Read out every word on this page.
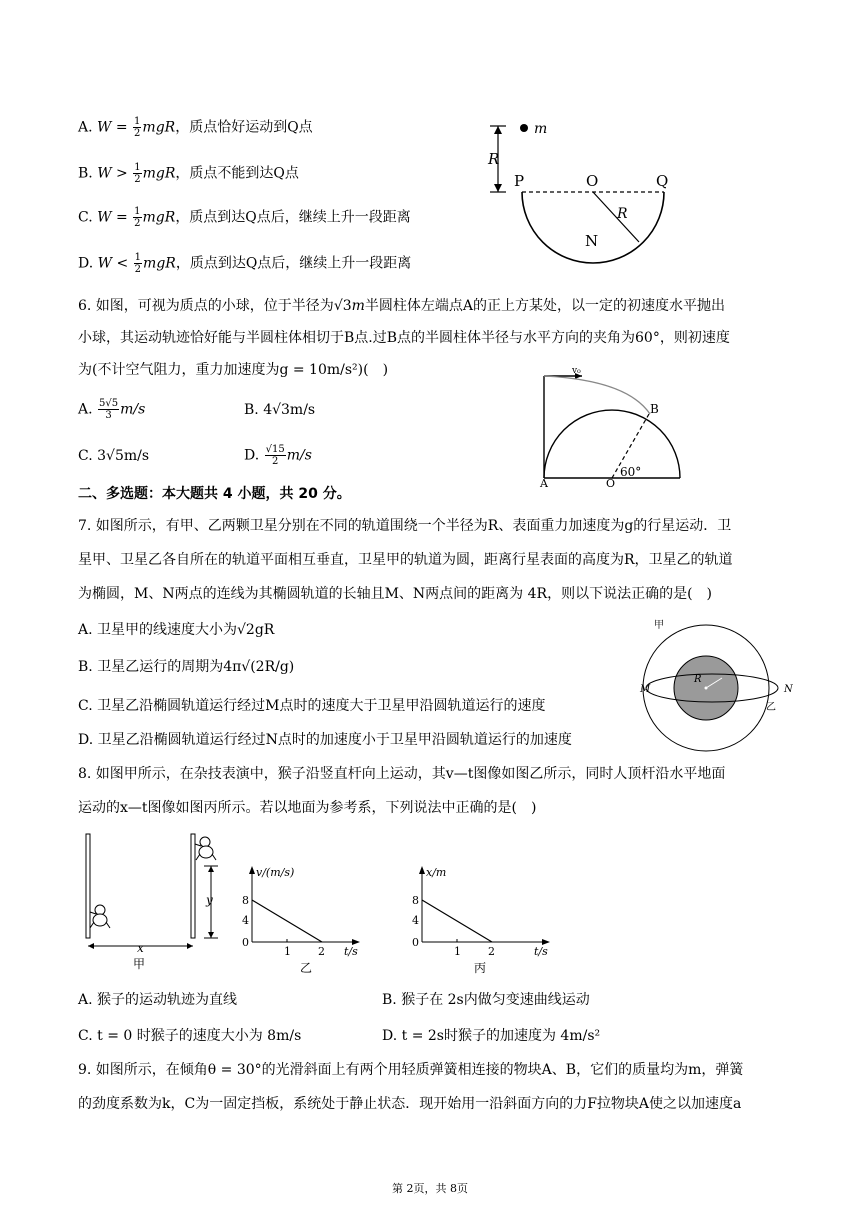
A. $W = \frac{1}{2}$ mgR，质点恰好运动到Q点
B. $W > \frac{1}{2}$ mgR，质点不能到达Q点
C. $W = \frac{1}{2}$ mgR，质点到达Q点后，继续上升一段距离
D. $W < \frac{1}{2}$ mgR，质点到达Q点后，继续上升一段距离
R
m
P	O	Q
R
N
6. 如图，可视为质点的小球，位于半径为√3m半圆柱体左端点A的正上方某处，以一定的初速度水平抛出
小球，其运动轨迹恰好能与半圆柱体相切于B点.过B点的半圆柱体半径与水平方向的夹角为60°，则初速度
为(不计空气阻力，重力加速度为g = 10m/s²)(　)
A. $\frac{5√5}{3} m/s$	B. 4√3m/s
C. 3√5m/s	D. $\frac{√15}{2} m/s$
v₀
B
60°
A	O
二、多选题：本大题共 4 小题，共 20 分。
7. 如图所示，有甲、乙两颗卫星分别在不同的轨道围绕一个半径为R、表面重力加速度为g的行星运动．卫
星甲、卫星乙各自所在的轨道平面相互垂直，卫星甲的轨道为圆，距离行星表面的高度为R，卫星乙的轨道
为椭圆，M、N两点的连线为其椭圆轨道的长轴且M、N两点间的距离为 4R，则以下说法正确的是(　)
A. 卫星甲的线速度大小为√2gR
B. 卫星乙运行的周期为4π√(2R/g)
C. 卫星乙沿椭圆轨道运行经过M点时的速度大于卫星甲沿圆轨道运行的速度
D. 卫星乙沿椭圆轨道运行经过N点时的加速度小于卫星甲沿圆轨道运行的加速度
R
甲
M	N
乙
8. 如图甲所示，在杂技表演中，猴子沿竖直杆向上运动，其v—t图像如图乙所示，同时人顶杆沿水平地面
运动的x—t图像如图丙所示。若以地面为参考系，下列说法中正确的是(　)
y
x
甲
v/(m/s)
8
4
0
1 2 t/s
乙
x/m
8
4
0
1 2	t/s
丙
A. 猴子的运动轨迹为直线	B. 猴子在 2s内做匀变速曲线运动
C. t = 0 时猴子的速度大小为 8m/s	D. t = 2s时猴子的加速度为 4m/s²
9. 如图所示，在倾角θ = 30°的光滑斜面上有两个用轻质弹簧相连接的物块A、B，它们的质量均为m，弹簧
的劲度系数为k，C为一固定挡板，系统处于静止状态．现开始用一沿斜面方向的力F拉物块A使之以加速度a
第 2页，共 8页
